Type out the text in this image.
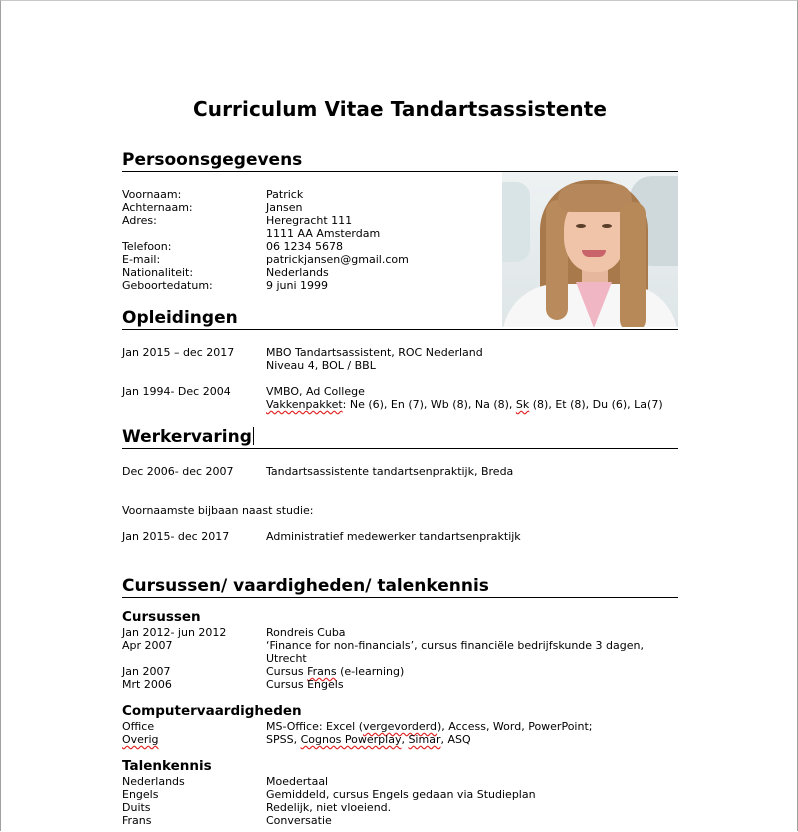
Curriculum Vitae Tandartsassistente
Persoonsgegevens
Voornaam:	Patrick
Achternaam:	Jansen
Adres:	Heregracht 111
1111 AA Amsterdam
Telefoon:	06 1234 5678
E-mail:	patrickjansen@gmail.com
Nationaliteit:	Nederlands
Geboortedatum:	9 juni 1999
Opleidingen
Jan 2015 – dec 2017	MBO Tandartsassistent, ROC Nederland
Niveau 4, BOL / BBL
Jan 1994- Dec 2004	VMBO, Ad College
Vakkenpakket: Ne (6), En (7), Wb (8), Na (8), Sk (8), Et (8), Du (6), La(7)
Werkervaring
Dec 2006- dec 2007	Tandartsassistente tandartsenpraktijk, Breda
Voornaamste bijbaan naast studie:
Jan 2015- dec 2017	Administratief medewerker tandartsenpraktijk
Cursussen/ vaardigheden/ talenkennis
Cursussen
Jan 2012- jun 2012	Rondreis Cuba
Apr 2007	‘Finance for non-financials’, cursus financiële bedrijfskunde 3 dagen,
Utrecht
Jan 2007	Cursus Frans (e-learning)
Mrt 2006	Cursus Engels
Computervaardigheden
Office	MS-Office: Excel (vergevorderd), Access, Word, PowerPoint;
Overig	SPSS, Cognos Powerplay, Simar, ASQ
Talenkennis
Nederlands	Moedertaal
Engels	Gemiddeld, cursus Engels gedaan via Studieplan
Duits	Redelijk, niet vloeiend.
Frans	Conversatie
